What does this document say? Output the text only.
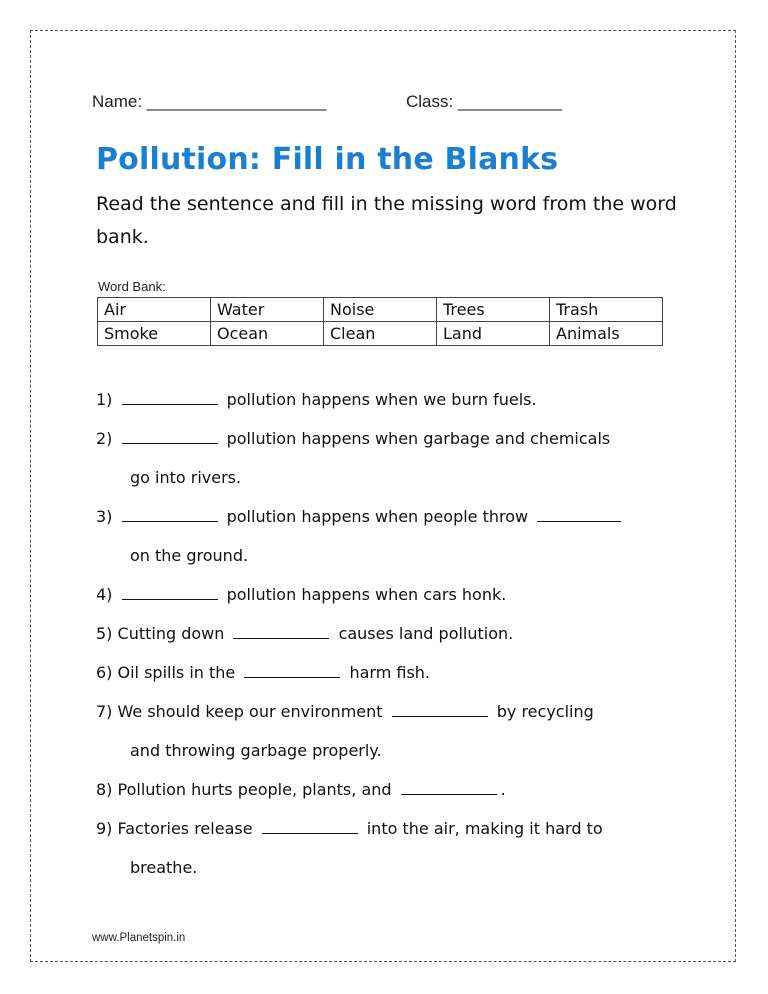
Name: ___________________	Class: ___________
Pollution: Fill in the Blanks

Read the sentence and fill in the missing word from the word bank.

Word Bank:
Air	Water	Noise	Trees	Trash
Smoke	Ocean	Clean	Land	Animals
1)	pollution happens when we burn fuels.
2)	pollution happens when garbage and chemicals
go into rivers.
3)	pollution happens when people throw
on the ground.
4)	pollution happens when cars honk.
5) Cutting down	causes land pollution.
6) Oil spills in the	harm fish.
7) We should keep our environment	by recycling
and throwing garbage properly.
8) Pollution hurts people, plants, and	.
9) Factories release	into the air, making it hard to
breathe.
www.Planetspin.in
